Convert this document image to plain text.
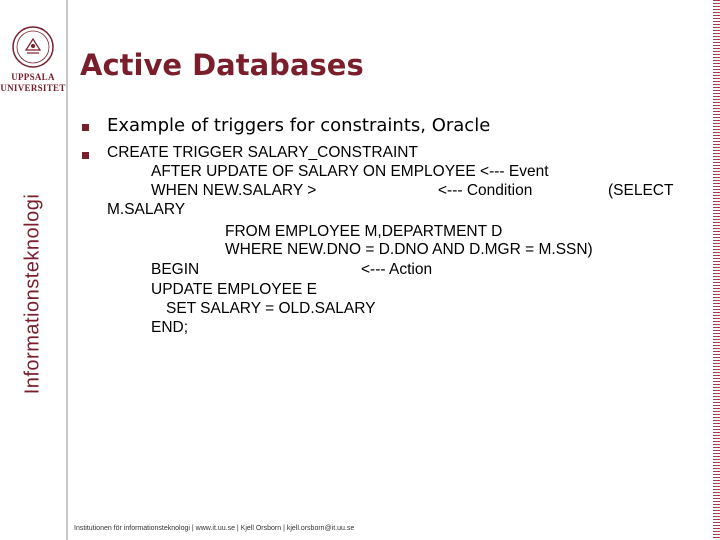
UPPSALA
UNIVERSITET
Informationsteknologi
Active Databases
Example of triggers for constraints, Oracle
CREATE TRIGGER SALARY_CONSTRAINT
AFTER UPDATE OF SALARY ON EMPLOYEE <--- Event
WHEN NEW.SALARY >	<--- Condition	(SELECT
M.SALARY
FROM EMPLOYEE M,DEPARTMENT D
WHERE NEW.DNO = D.DNO AND D.MGR = M.SSN)
BEGIN	<--- Action
UPDATE EMPLOYEE E
SET SALARY = OLD.SALARY
END;
Institutionen för informationsteknologi | www.it.uu.se | Kjell Orsborn | kjell.orsborn@it.uu.se
